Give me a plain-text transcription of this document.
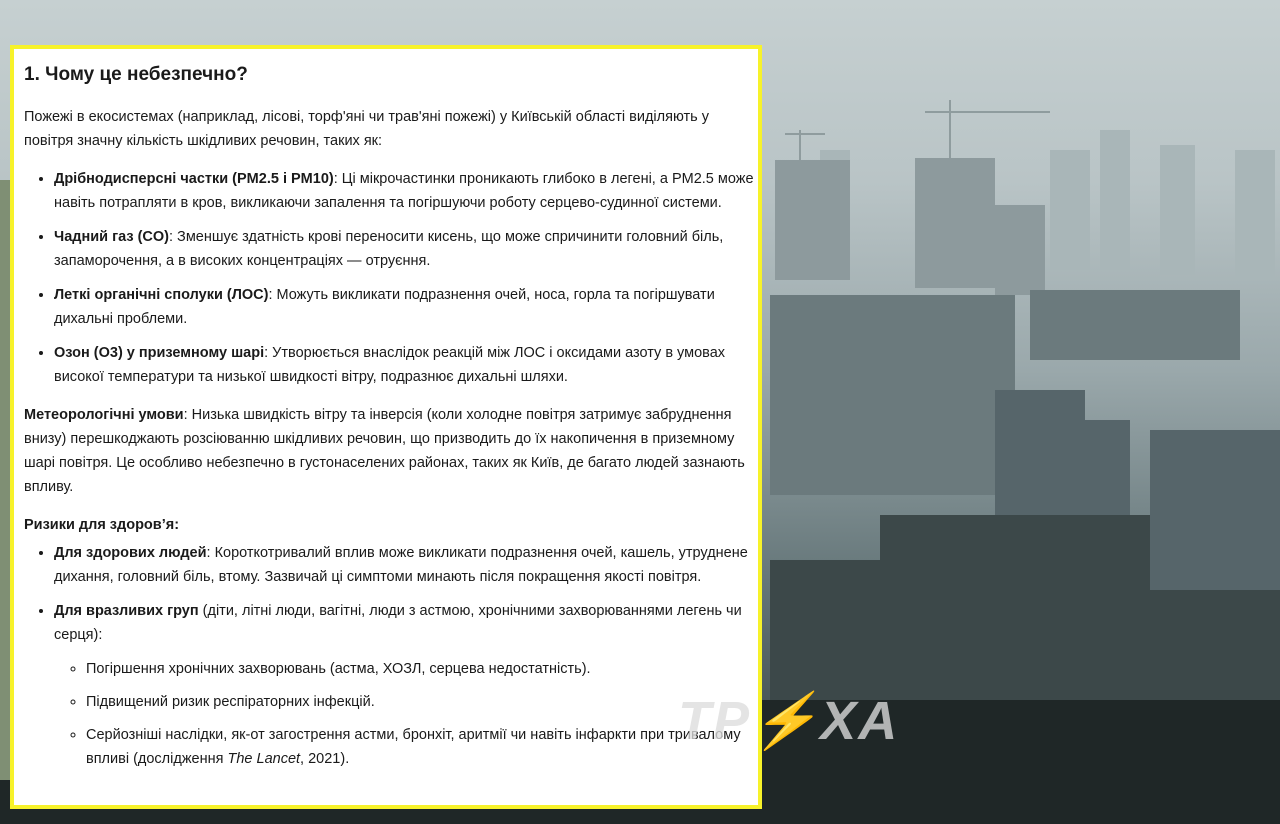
1. Чому це небезпечно?
Пожежі в екосистемах (наприклад, лісові, торф'яні чи трав'яні пожежі) у Київській області виділяють у повітря значну кількість шкідливих речовин, таких як:
• Дрібнодисперсні частки (PM2.5 і PM10): Ці мікрочастинки проникають глибоко в легені, а PM2.5 може навіть потрапляти в кров, викликаючи запалення та погіршуючи роботу серцево-судинної системи.
• Чадний газ (CO): Зменшує здатність крові переносити кисень, що може спричинити головний біль, запаморочення, а в високих концентраціях — отруєння.
• Леткі органічні сполуки (ЛОС): Можуть викликати подразнення очей, носа, горла та погіршувати дихальні проблеми.
• Озон (O3) у приземному шарі: Утворюється внаслідок реакцій між ЛОС і оксидами азоту в умовах високої температури та низької швидкості вітру, подразнює дихальні шляхи.
Метеорологічні умови: Низька швидкість вітру та інверсія (коли холодне повітря затримує забруднення внизу) перешкоджають розсіюванню шкідливих речовин, що призводить до їх накопичення в приземному шарі повітря. Це особливо небезпечно в густонаселених районах, таких як Київ, де багато людей зазнають впливу.
Ризики для здоров’я:
• Для здорових людей: Короткотривалий вплив може викликати подразнення очей, кашель, утруднене дихання, головний біль, втому. Зазвичай ці симптоми минають після покращення якості повітря.
• Для вразливих груп (діти, літні люди, вагітні, люди з астмою, хронічними захворюваннями легень чи серця):
◦ Погіршення хронічних захворювань (астма, ХОЗЛ, серцева недостатність).
◦ Підвищений ризик респіраторних інфекцій.
◦ Серйозніші наслідки, як-от загострення астми, бронхіт, аритмії чи навіть інфаркти при тривалому впливі (дослідження The Lancet, 2021).
ТР⚡ХА
